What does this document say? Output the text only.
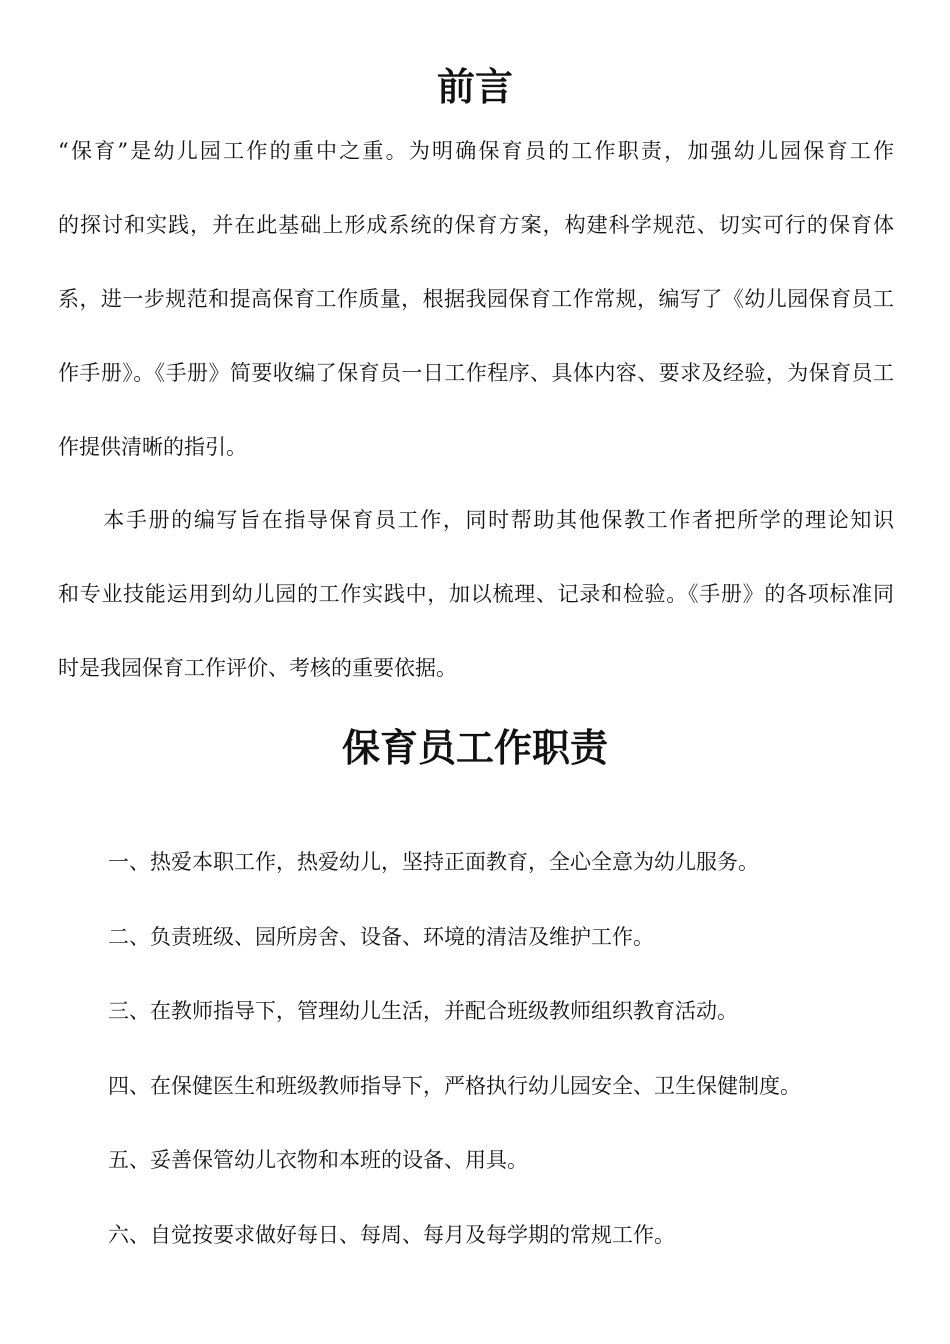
前言
“保育”是幼儿园工作的重中之重。为明确保育员的工作职责，加强幼儿园保育工作
的探讨和实践，并在此基础上形成系统的保育方案，构建科学规范、切实可行的保育体
系，进一步规范和提高保育工作质量，根据我园保育工作常规，编写了《幼儿园保育员工
作手册》。《手册》简要收编了保育员一日工作程序、具体内容、要求及经验，为保育员工
作提供清晰的指引。
　　本手册的编写旨在指导保育员工作，同时帮助其他保教工作者把所学的理论知识
和专业技能运用到幼儿园的工作实践中，加以梳理、记录和检验。《手册》的各项标准同
时是我园保育工作评价、考核的重要依据。
保育员工作职责
一、热爱本职工作，热爱幼儿，坚持正面教育，全心全意为幼儿服务。
二、负责班级、园所房舍、设备、环境的清洁及维护工作。
三、在教师指导下，管理幼儿生活，并配合班级教师组织教育活动。
四、在保健医生和班级教师指导下，严格执行幼儿园安全、卫生保健制度。
五、妥善保管幼儿衣物和本班的设备、用具。
六、自觉按要求做好每日、每周、每月及每学期的常规工作。
